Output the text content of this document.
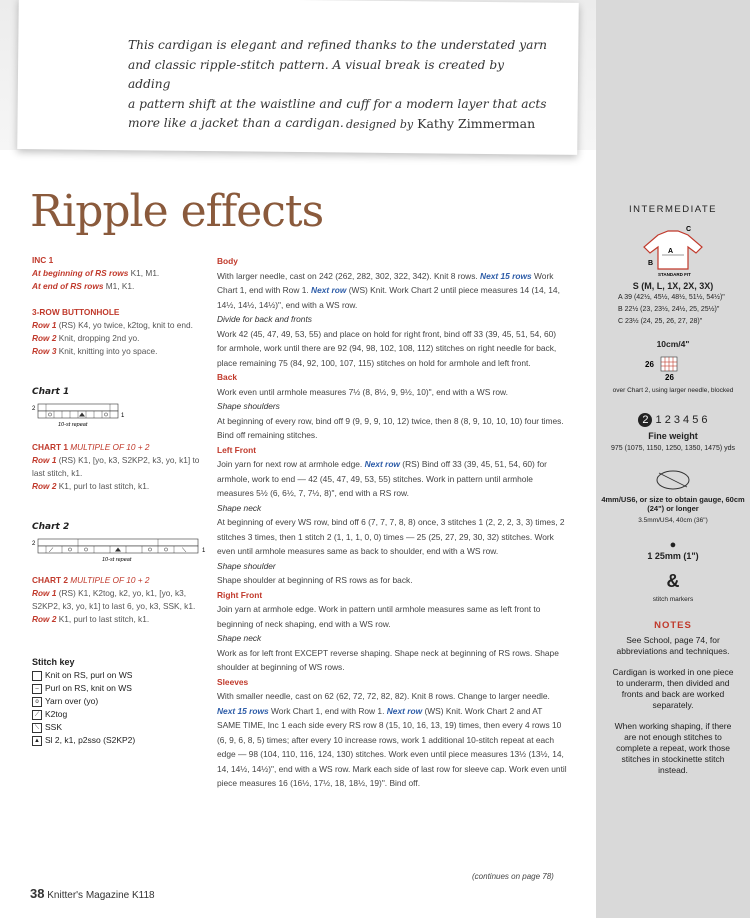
This cardigan is elegant and refined thanks to the understated yarn
and classic ripple-stitch pattern. A visual break is created by adding
a pattern shift at the waistline and cuff for a modern layer that acts
more like a jacket than a cardigan. designed by Kathy Zimmerman
Ripple effects
INC 1
At beginning of RS rows K1, M1.
At end of RS rows M1, K1.
3-ROW BUTTONHOLE
Row 1 (RS) K4, yo twice, k2tog, knit to end.
Row 2 Knit, dropping 2nd yo.
Row 3 Knit, knitting into yo space.
Chart 1
2
1
10-st repeat
CHART 1 MULTIPLE OF 10 + 2
Row 1 (RS) K1, [yo, k3, S2KP2, k3, yo, k1] to last stitch, k1.
Row 2 K1, purl to last stitch, k1.
Chart 2
2
⟋	⟍	1
10-st repeat
CHART 2 MULTIPLE OF 10 + 2
Row 1 (RS) K1, K2tog, k2, yo, k1, [yo, k3, S2KP2, k3, yo, k1] to last 6, yo, k3, SSK, k1.
Row 2 K1, purl to last stitch, k1.
Stitch key
Knit on RS, purl on WS
– Purl on RS, knit on WS
o Yarn over (yo)
⟋ K2tog
⟍ SSK
▲ Sl 2, k1, p2sso (S2KP2)

Body

With larger needle, cast on 242 (262, 282, 302, 322, 342). Knit 8 rows. Next 15 rows Work Chart 1, end with Row 1. Next row (WS) Knit. Work Chart 2 until piece measures 14 (14, 14, 14½, 14½, 14½)", end with a WS row.

Divide for back and fronts

Work 42 (45, 47, 49, 53, 55) and place on hold for right front, bind off 33 (39, 45, 51, 54, 60) for armhole, work until there are 92 (94, 98, 102, 108, 112) stitches on right needle for back, place remaining 75 (84, 92, 100, 107, 115) stitches on hold for armhole and left front.

Back

Work even until armhole measures 7½ (8, 8½, 9, 9½, 10)", end with a WS row.

Shape shoulders

At beginning of every row, bind off 9 (9, 9, 9, 10, 12) twice, then 8 (8, 9, 10, 10, 10) four times. Bind off remaining stitches.

Left Front

Join yarn for next row at armhole edge. Next row (RS) Bind off 33 (39, 45, 51, 54, 60) for armhole, work to end — 42 (45, 47, 49, 53, 55) stitches. Work in pattern until armhole measures 5½ (6, 6½, 7, 7½, 8)", end with a RS row.

Shape neck

At beginning of every WS row, bind off 6 (7, 7, 7, 8, 8) once, 3 stitches 1 (2, 2, 2, 3, 3) times, 2 stitches 3 times, then 1 stitch 2 (1, 1, 1, 0, 0) times — 25 (25, 27, 29, 30, 32) stitches. Work even until armhole measures same as back to shoulder, end with a WS row.

Shape shoulder

Shape shoulder at beginning of RS rows as for back.

Right Front

Join yarn at armhole edge. Work in pattern until armhole measures same as left front to beginning of neck shaping, end with a WS row.

Shape neck

Work as for left front EXCEPT reverse shaping. Shape neck at beginning of RS rows. Shape shoulder at beginning of WS rows.

Sleeves

With smaller needle, cast on 62 (62, 72, 72, 82, 82). Knit 8 rows. Change to larger needle. Next 15 rows Work Chart 1, end with Row 1. Next row (WS) Knit. Work Chart 2 and AT SAME TIME, Inc 1 each side every RS row 8 (15, 10, 16, 13, 19) times, then every 4 rows 10 (6, 9, 6, 8, 5) times; after every 10 increase rows, work 1 additional 10-stitch repeat at each edge — 98 (104, 110, 116, 124, 130) stitches. Work even until piece measures 13½ (13½, 14, 14, 14½, 14½)", end with a WS row. Mark each side of last row for sleeve cap. Work even until piece measures 16 (16½, 17½, 18, 18½, 19)". Bind off.

(continues on page 78)
38 Knitter's Magazine K118
INTERMEDIATE
A
B
C
STANDARD FIT
S (M, L, 1X, 2X, 3X)
A 39 (42½, 45½, 48½, 51½, 54½)"
B 22½ (23, 23½, 24½, 25, 25½)"
C 23½ (24, 25, 26, 27, 28)"
10cm/4"
26
26
over Chart 2, using larger needle, blocked
2 1 2 3 4 5 6
Fine weight
975 (1075, 1150, 1250, 1350, 1475) yds
4mm/US6, or size to obtain gauge, 60cm (24") or longer
3.5mm/US4, 40cm (36")
●
1 25mm (1")
&
stitch markers
NOTES
See School, page 74, for abbreviations and techniques.
Cardigan is worked in one piece to underarm, then divided and fronts and back are worked separately.
When working shaping, if there are not enough stitches to complete a repeat, work those stitches in stockinette stitch instead.
